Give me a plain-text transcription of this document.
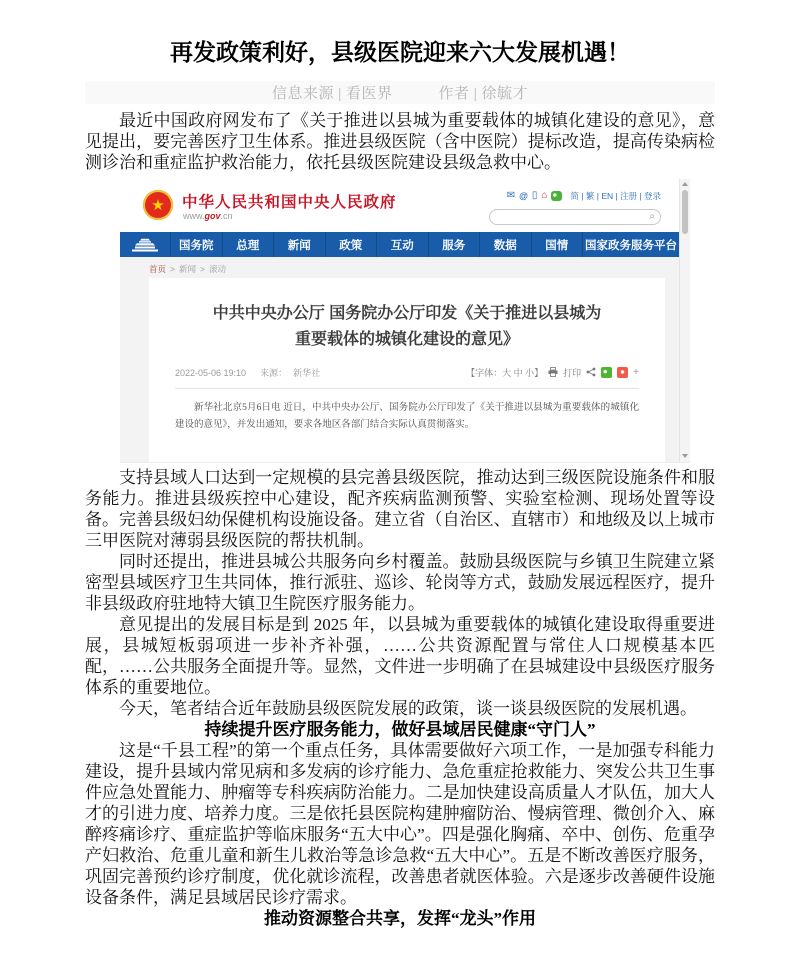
再发政策利好，县级医院迎来六大发展机遇！
信息来源 | 看医界	作者 | 徐毓才

最近中国政府网发布了《关于推进以县城为重要载体的城镇化建设的意见》，意见提出，要完善医疗卫生体系。推进县级医院（含中医院）提标改造，提高传染病检测诊治和重症监护救治能力，依托县级医院建设县级急救中心。

★ 中华人民共和国中央人民政府
www.gov.cn
✉ @ ▯ ⌂	简 | 繁 | EN | 注册 | 登录
⌕
国务院	总理	新闻	政策	互动	服务	数据	国情	国家政务服务平台
首页 > 新闻 > 滚动
中共中央办公厅 国务院办公厅印发《关于推进以县城为重要载体的城镇化建设的意见》
2022-05-06 19:10 来源： 新华社	【字体：大 中 小】 打印	+

新华社北京5月6日电 近日，中共中央办公厅、国务院办公厅印发了《关于推进以县城为重要载体的城镇化建设的意见》，并发出通知，要求各地区各部门结合实际认真贯彻落实。

支持县域人口达到一定规模的县完善县级医院，推动达到三级医院设施条件和服务能力。推进县级疾控中心建设，配齐疾病监测预警、实验室检测、现场处置等设备。完善县级妇幼保健机构设施设备。建立省（自治区、直辖市）和地级及以上城市三甲医院对薄弱县级医院的帮扶机制。

同时还提出，推进县城公共服务向乡村覆盖。鼓励县级医院与乡镇卫生院建立紧密型县域医疗卫生共同体，推行派驻、巡诊、轮岗等方式，鼓励发展远程医疗，提升非县级政府驻地特大镇卫生院医疗服务能力。

意见提出的发展目标是到 2025 年，以县城为重要载体的城镇化建设取得重要进展，县城短板弱项进一步补齐补强，……公共资源配置与常住人口规模基本匹配，……公共服务全面提升等。显然，文件进一步明确了在县城建设中县级医疗服务体系的重要地位。

今天，笔者结合近年鼓励县级医院发展的政策，谈一谈县级医院的发展机遇。

持续提升医疗服务能力，做好县域居民健康“守门人”

这是“千县工程”的第一个重点任务，具体需要做好六项工作，一是加强专科能力建设，提升县域内常见病和多发病的诊疗能力、急危重症抢救能力、突发公共卫生事件应急处置能力、肿瘤等专科疾病防治能力。二是加快建设高质量人才队伍，加大人才的引进力度、培养力度。三是依托县医院构建肿瘤防治、慢病管理、微创介入、麻醉疼痛诊疗、重症监护等临床服务“五大中心”。四是强化胸痛、卒中、创伤、危重孕产妇救治、危重儿童和新生儿救治等急诊急救“五大中心”。五是不断改善医疗服务，巩固完善预约诊疗制度，优化就诊流程，改善患者就医体验。六是逐步改善硬件设施设备条件，满足县域居民诊疗需求。

推动资源整合共享，发挥“龙头”作用
